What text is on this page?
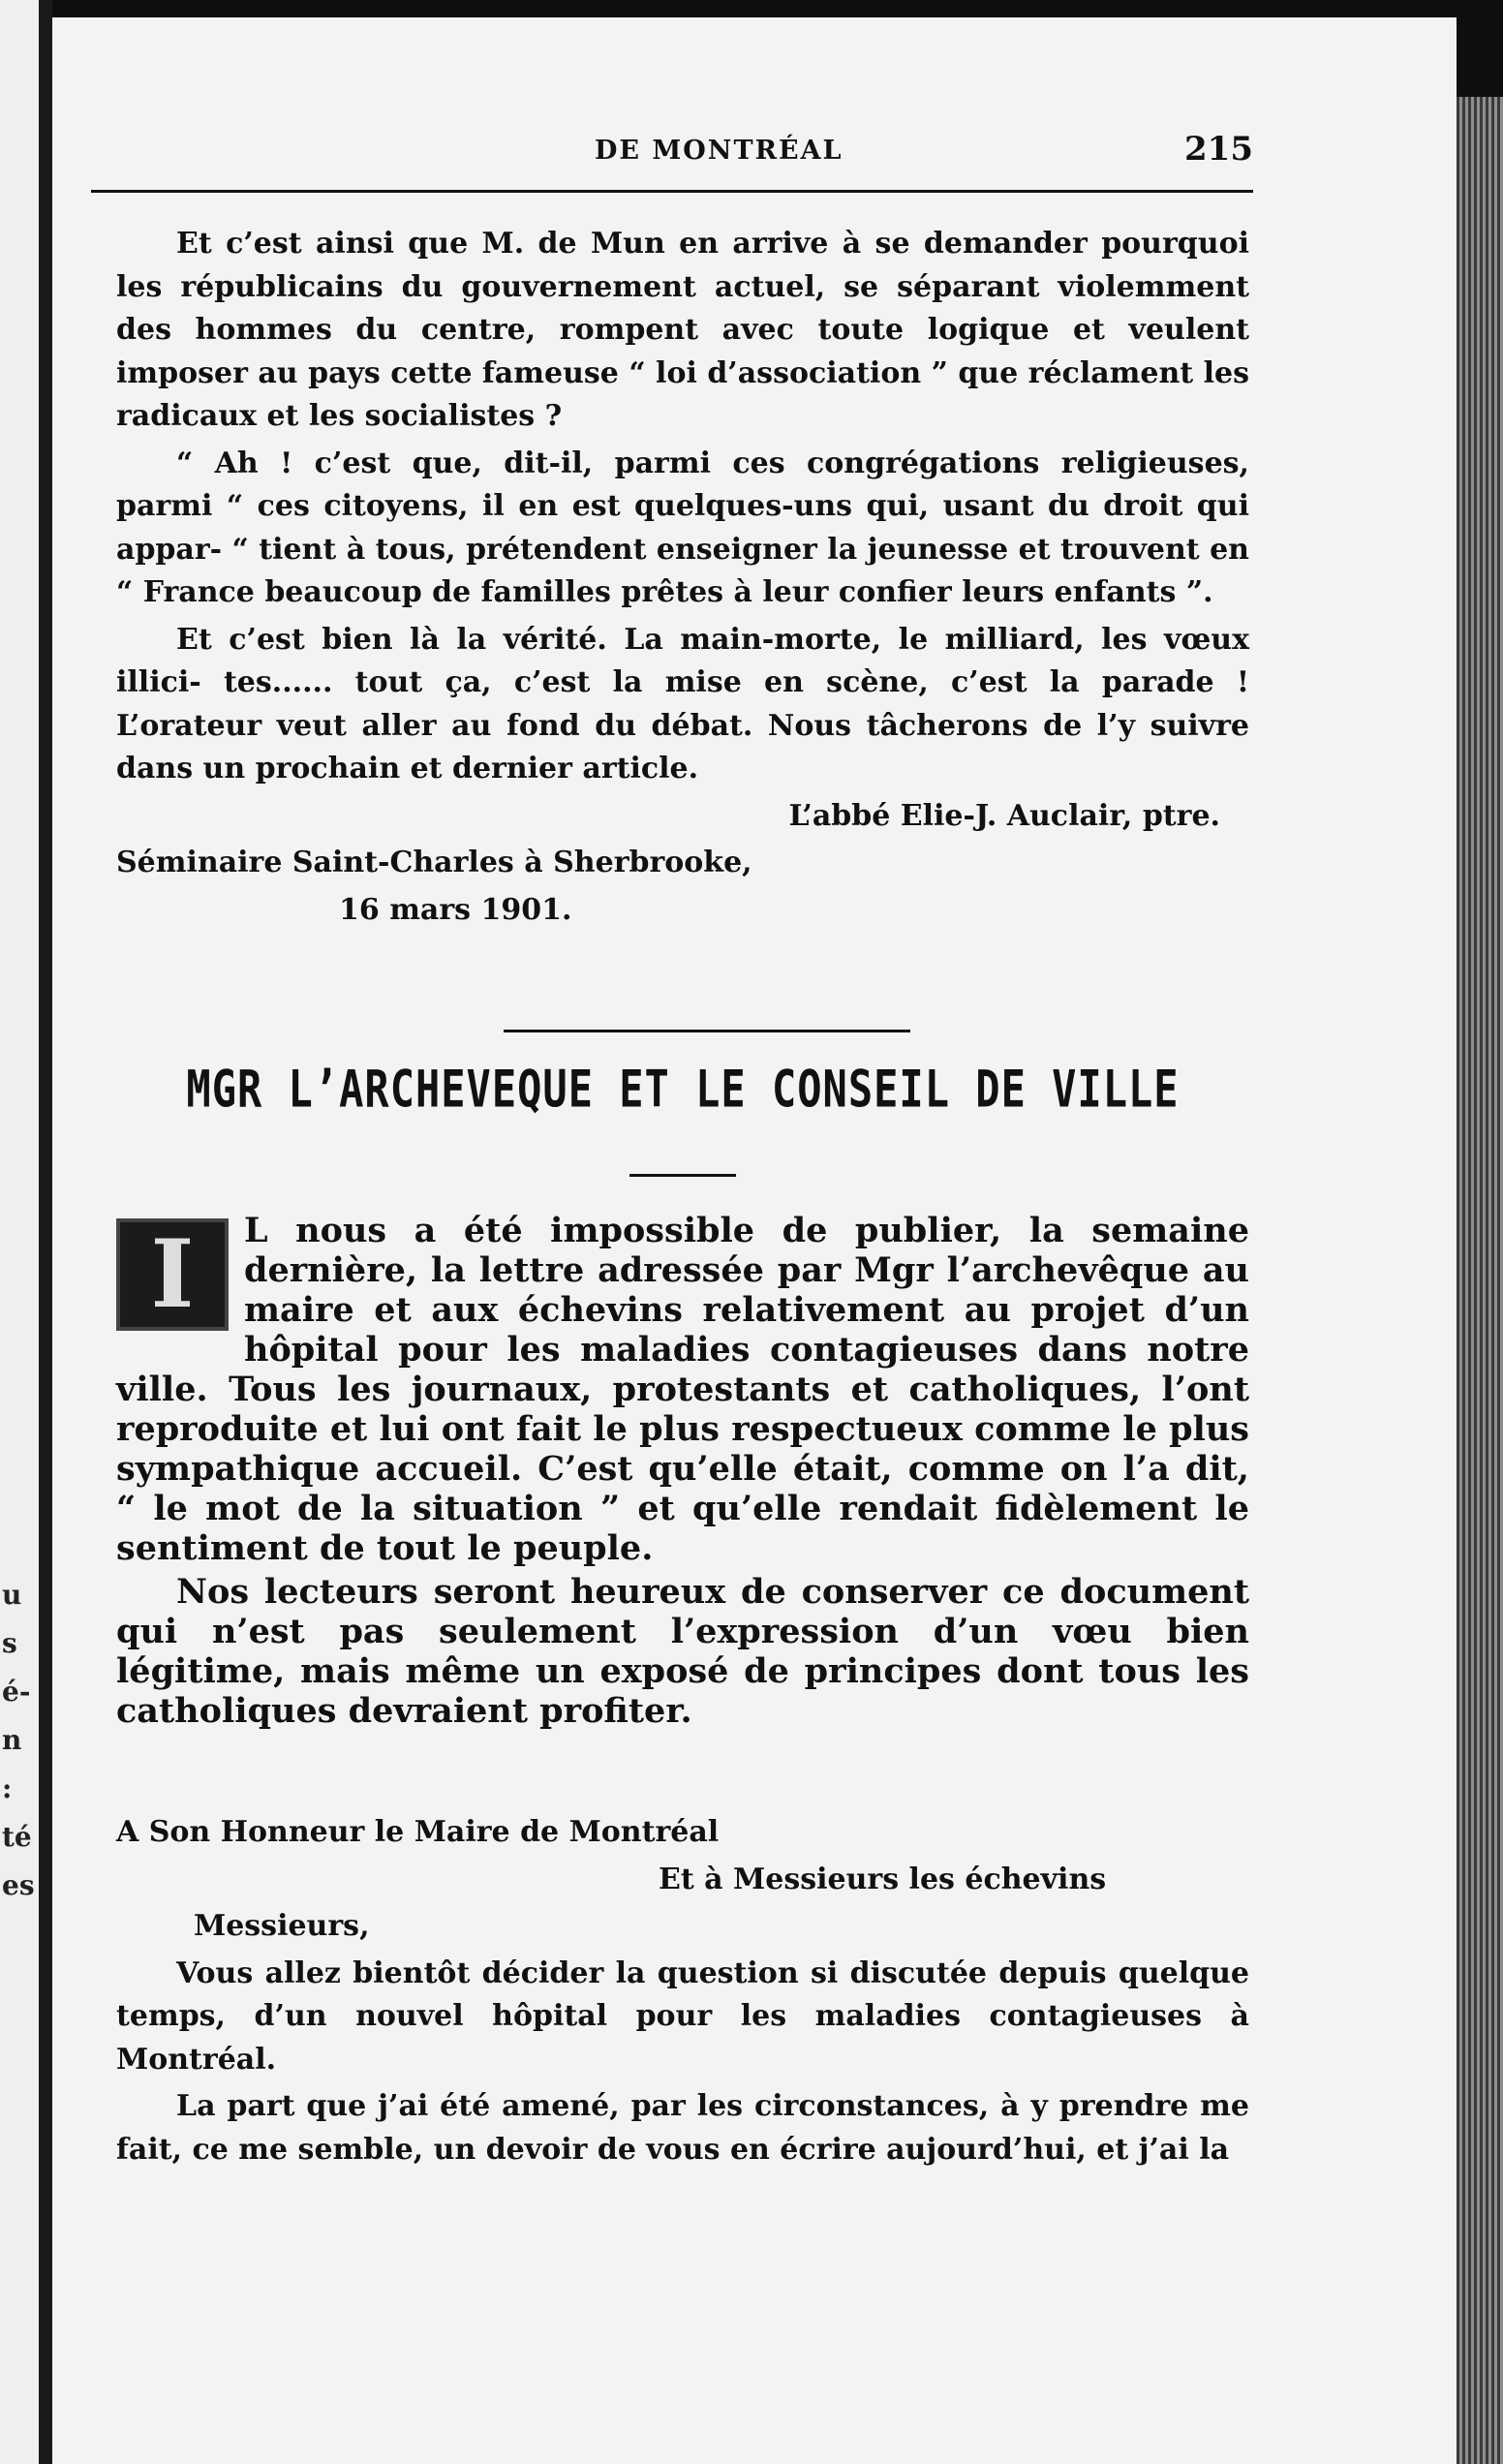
u
s
é-
n
:
té
es
DE MONTRÉAL	215

Et c’est ainsi que M. de Mun en arrive à se demander pourquoi les républicains du gouvernement actuel, se séparant violemment des hommes du centre, rompent avec toute logique et veulent imposer au pays cette fameuse “ loi d’association ” que réclament les radicaux et les socialistes ?

“ Ah ! c’est que, dit-il, parmi ces congrégations religieuses, parmi “ ces citoyens, il en est quelques-uns qui, usant du droit qui appar- “ tient à tous, prétendent enseigner la jeunesse et trouvent en “ France beaucoup de familles prêtes à leur confier leurs enfants ”.

Et c’est bien là la vérité. La main-morte, le milliard, les vœux illici- tes...... tout ça, c’est la mise en scène, c’est la parade ! L’orateur veut aller au fond du débat. Nous tâcherons de l’y suivre dans un prochain et dernier article.

L’abbé Elie-J. Auclair, ptre.

Séminaire Saint-Charles à Sherbrooke,

16 mars 1901.

MGR L’ARCHEVEQUE ET LE CONSEIL DE VILLE

I	L nous a été impossible de publier, la semaine dernière, la lettre adressée par Mgr l’archevêque au maire et aux échevins relativement au projet d’un hôpital pour les maladies contagieuses dans notre ville. Tous les journaux, protestants et catholiques, l’ont reproduite et lui ont fait le plus respectueux comme le plus sympathique accueil. C’est qu’elle était, comme on l’a dit, “ le mot de la situation ” et qu’elle rendait fidèlement le sentiment de tout le peuple.

Nos lecteurs seront heureux de conserver ce document qui n’est pas seulement l’expression d’un vœu bien légitime, mais même un exposé de principes dont tous les catholiques devraient profiter.

A Son Honneur le Maire de Montréal

Et à Messieurs les échevins

Messieurs,

Vous allez bientôt décider la question si discutée depuis quelque temps, d’un nouvel hôpital pour les maladies contagieuses à Montréal.

La part que j’ai été amené, par les circonstances, à y prendre me fait, ce me semble, un devoir de vous en écrire aujourd’hui, et j’ai la
